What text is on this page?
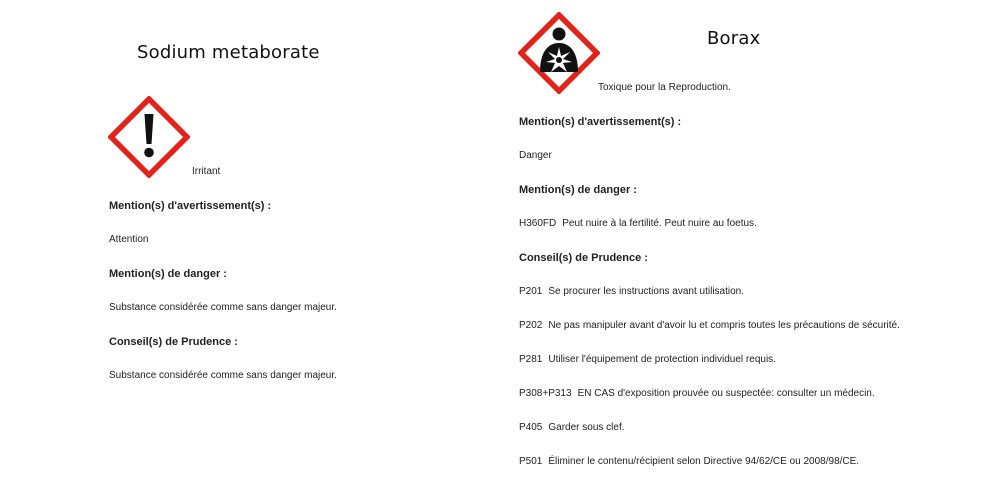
Sodium metaborate
Irritant
Mention(s) d'avertissement(s) :
Attention
Mention(s) de danger :
Substance considérée comme sans danger majeur.
Conseil(s) de Prudence :
Substance considérée comme sans danger majeur.
Borax
Toxique pour la Reproduction.
Mention(s) d'avertissement(s) :
Danger
Mention(s) de danger :
H360FD Peut nuire à la fertilité. Peut nuire au foetus.
Conseil(s) de Prudence :
P201 Se procurer les instructions avant utilisation.
P202 Ne pas manipuler avant d'avoir lu et compris toutes les précautions de sécurité.
P281 Utiliser l'équipement de protection individuel requis.
P308+P313 EN CAS d'exposition prouvée ou suspectée: consulter un médecin.
P405 Garder sous clef.
P501 Éliminer le contenu/récipient selon Directive 94/62/CE ou 2008/98/CE.
